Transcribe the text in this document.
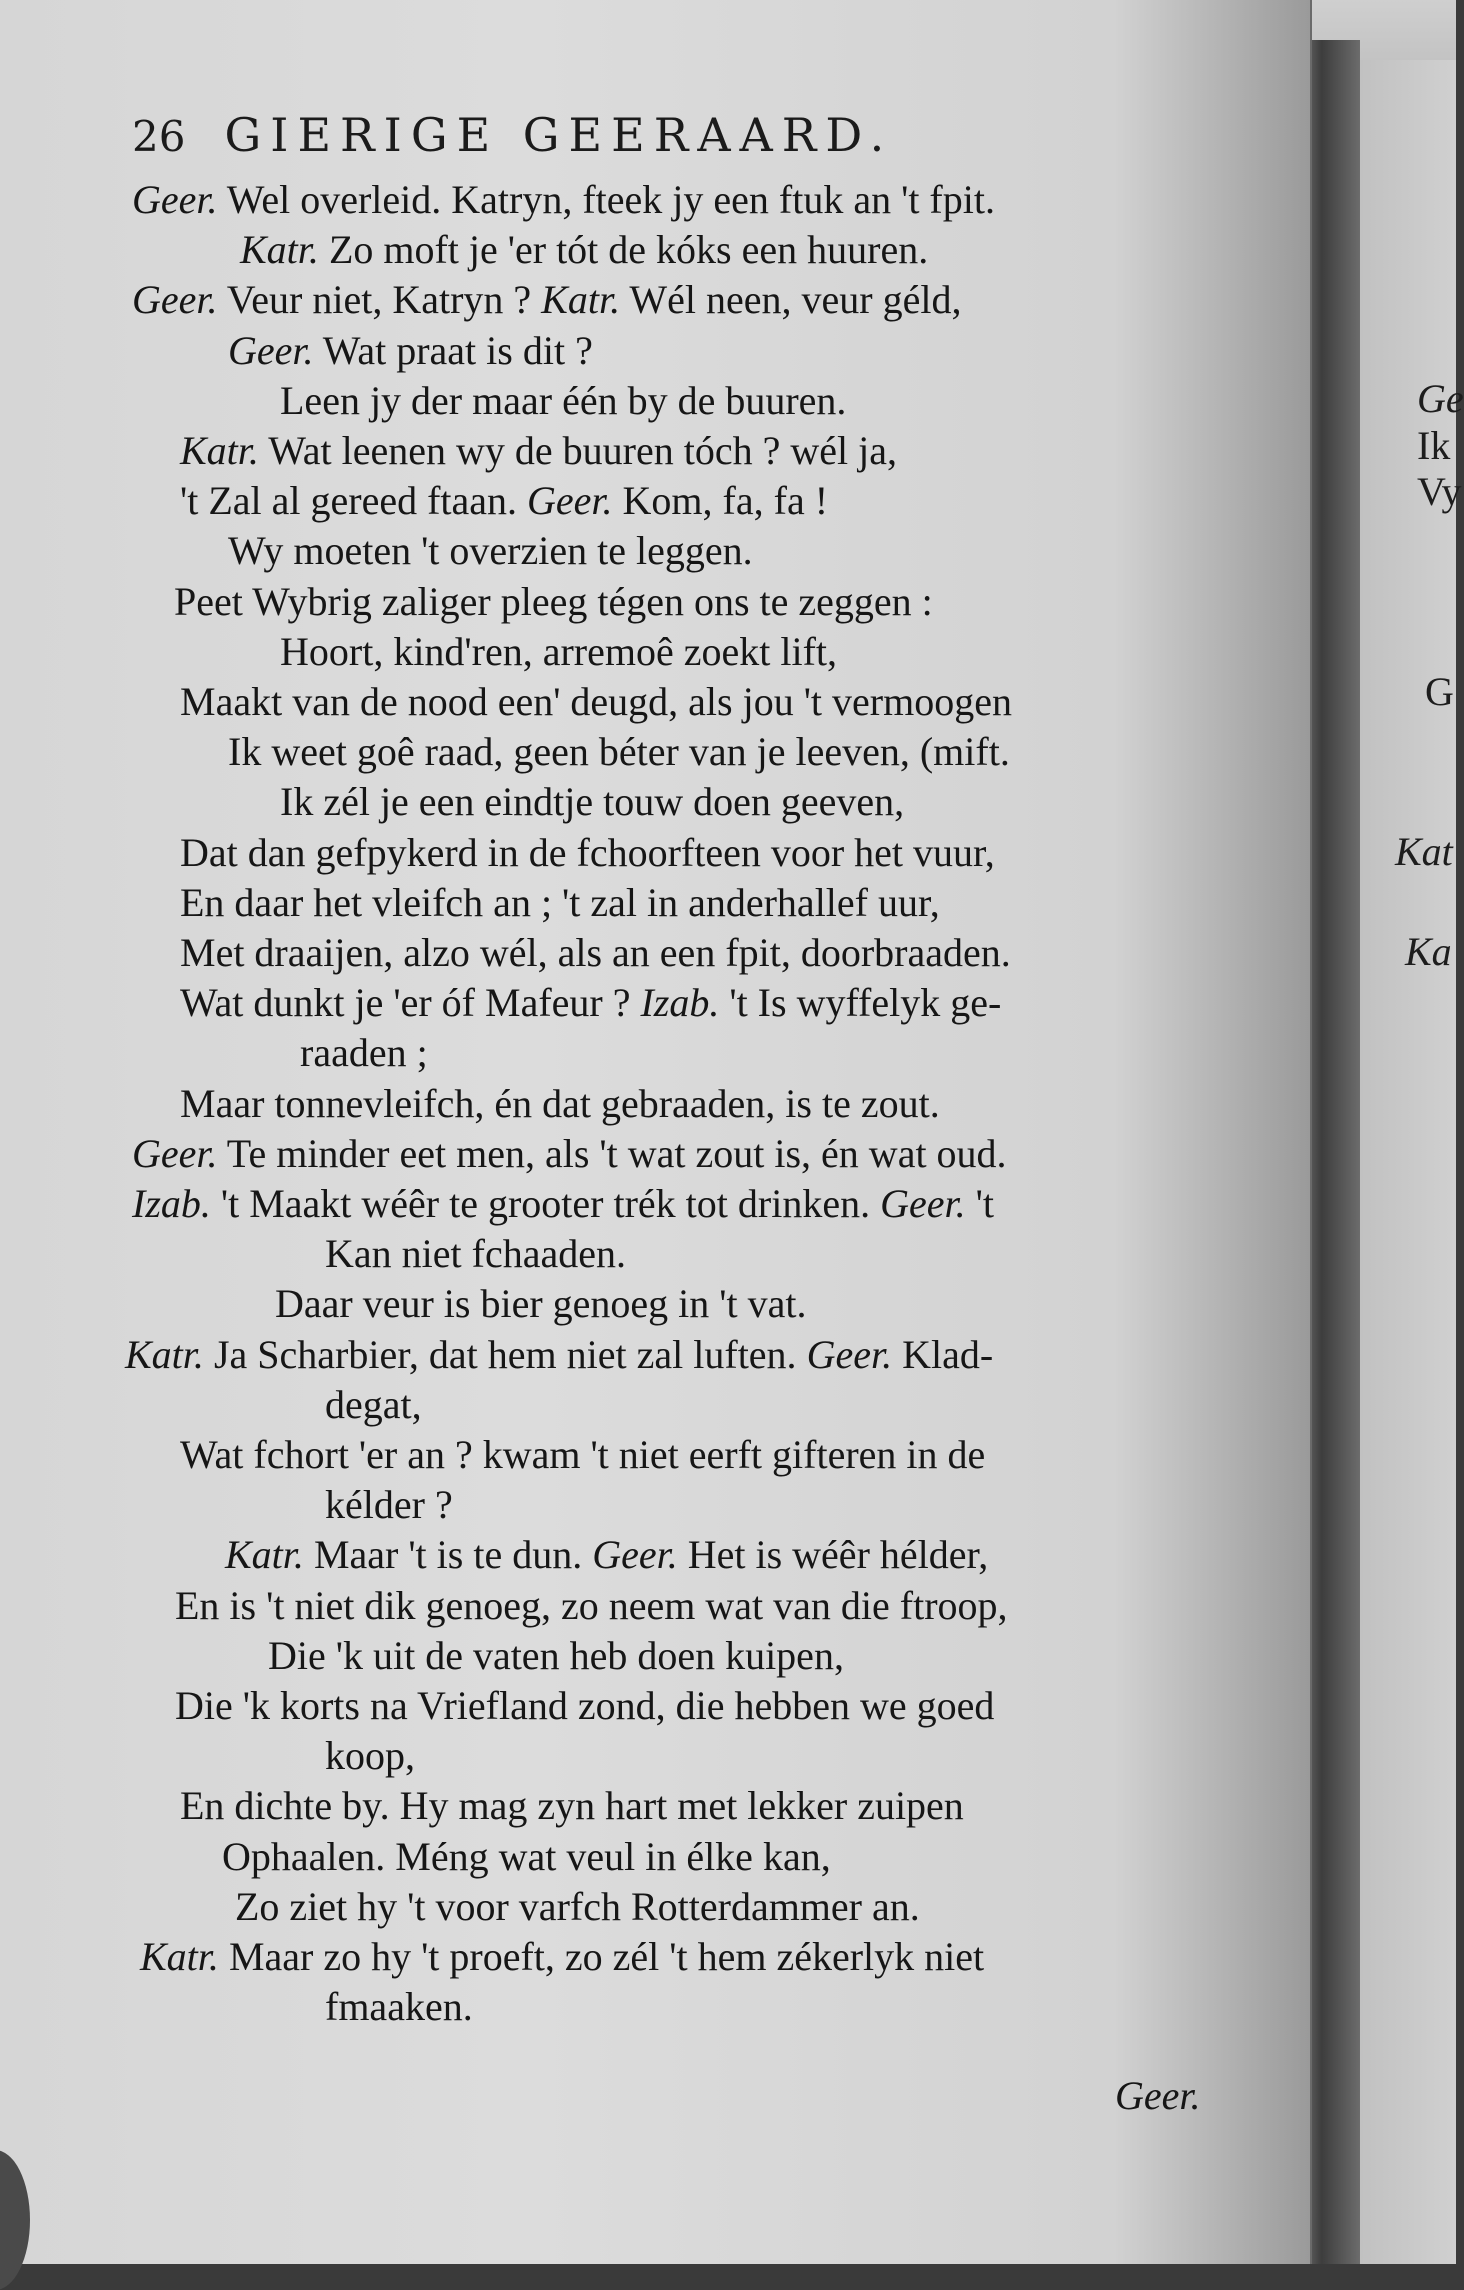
Ge
Ik
Vy
G
Kat
Ka
26 GIERIGE GEERAARD.
Geer. Wel overleid. Katryn, fteek jy een ftuk an 't fpit.
Katr. Zo moft je 'er tót de kóks een huuren.
Geer. Veur niet, Katryn ? Katr. Wél neen, veur géld,
Geer. Wat praat is dit ?
Leen jy der maar één by de buuren.
Katr. Wat leenen wy de buuren tóch ? wél ja,
't Zal al gereed ftaan. Geer. Kom, fa, fa !
Wy moeten 't overzien te leggen.
Peet Wybrig zaliger pleeg tégen ons te zeggen :
Hoort, kind'ren, arremoê zoekt lift,
Maakt van de nood een' deugd, als jou 't vermoogen
Ik weet goê raad, geen béter van je leeven, (mift.
Ik zél je een eindtje touw doen geeven,
Dat dan gefpykerd in de fchoorfteen voor het vuur,
En daar het vleifch an ; 't zal in anderhallef uur,
Met draaijen, alzo wél, als an een fpit, doorbraaden.
Wat dunkt je 'er óf Mafeur ? Izab. 't Is wyffelyk ge-
raaden ;
Maar tonnevleifch, én dat gebraaden, is te zout.
Geer. Te minder eet men, als 't wat zout is, én wat oud.
Izab. 't Maakt wéêr te grooter trék tot drinken. Geer. 't
Kan niet fchaaden.
Daar veur is bier genoeg in 't vat.
Katr. Ja Scharbier, dat hem niet zal luften. Geer. Klad-
degat,
Wat fchort 'er an ? kwam 't niet eerft gifteren in de
kélder ?
Katr. Maar 't is te dun. Geer. Het is wéêr hélder,
En is 't niet dik genoeg, zo neem wat van die ftroop,
Die 'k uit de vaten heb doen kuipen,
Die 'k korts na Vriefland zond, die hebben we goed
koop,
En dichte by. Hy mag zyn hart met lekker zuipen
Ophaalen. Méng wat veul in élke kan,
Zo ziet hy 't voor varfch Rotterdammer an.
Katr. Maar zo hy 't proeft, zo zél 't hem zékerlyk niet
fmaaken.
Geer.
